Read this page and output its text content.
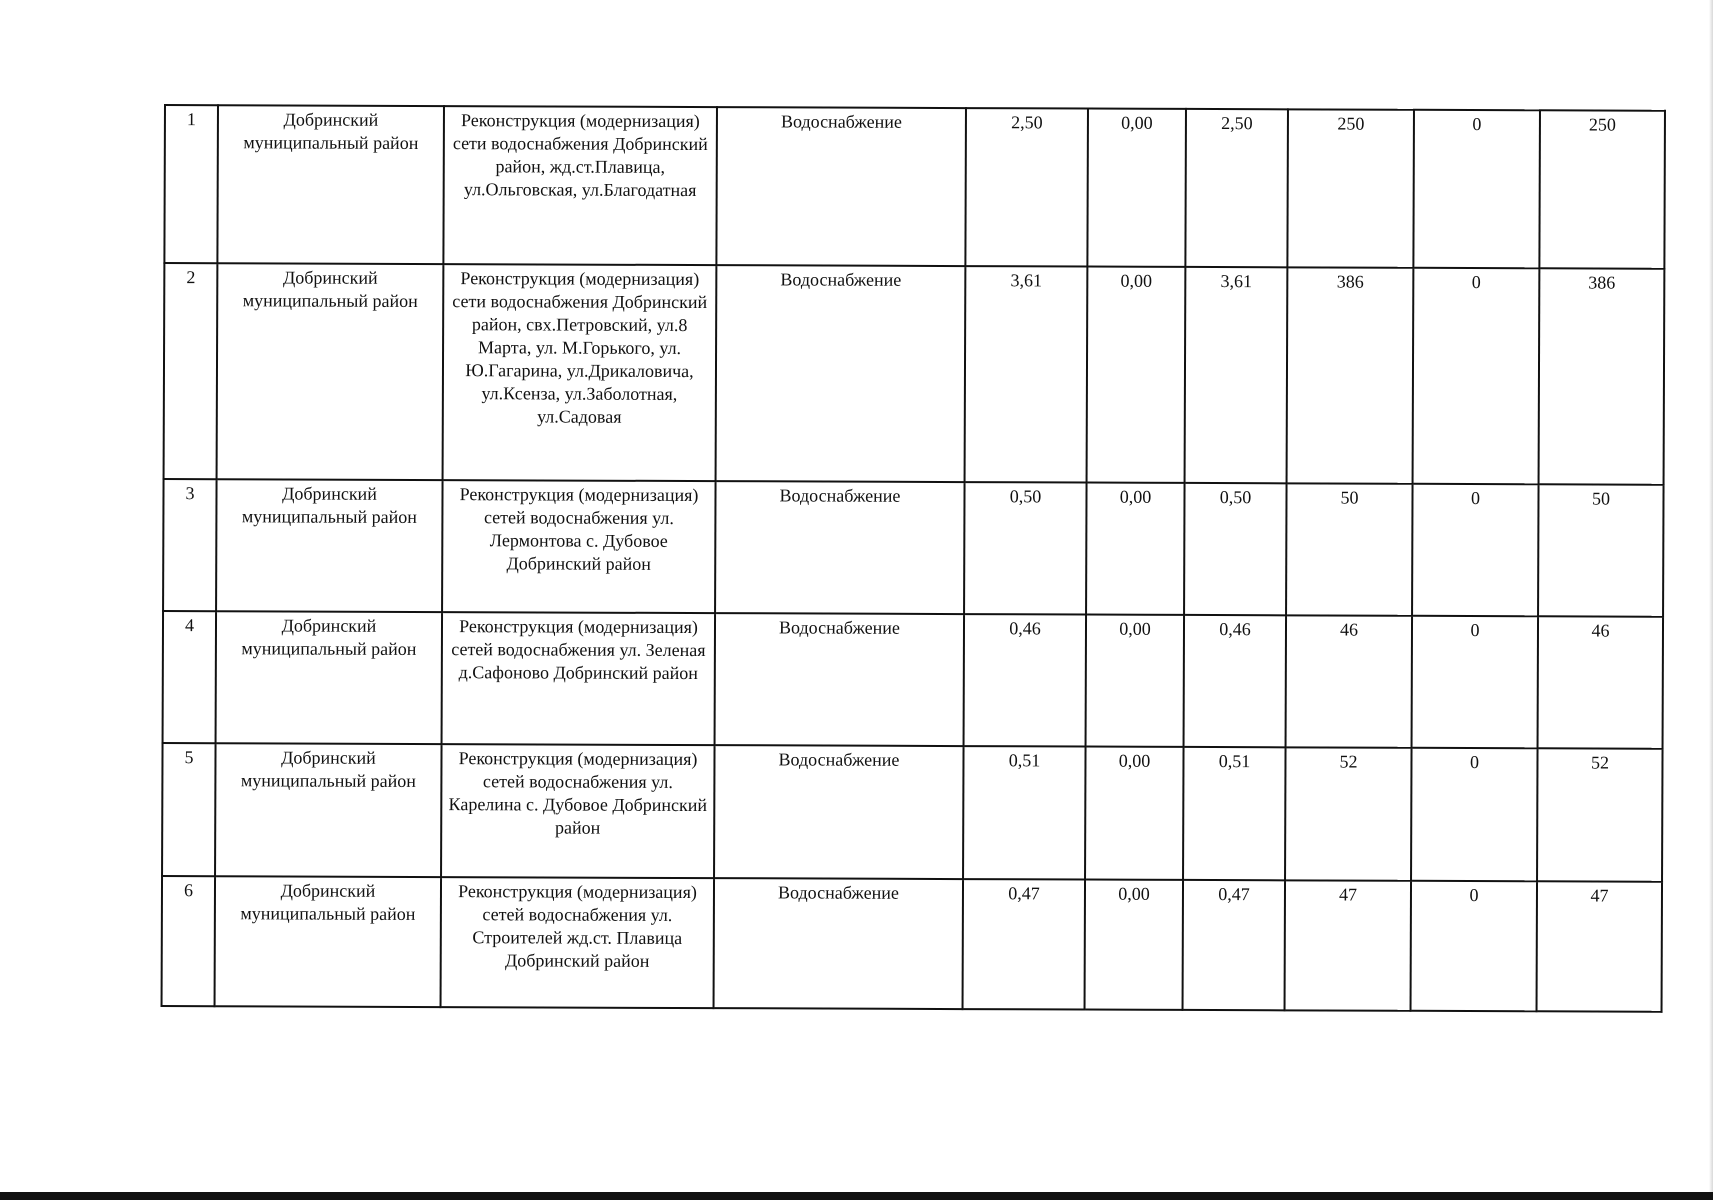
1	Добринский муниципальный район	Реконструкция (модернизация) сети водоснабжения Добринский район, жд.ст.Плавица, ул.Ольговская, ул.Благодатная	Водоснабжение	2,50	0,00	2,50	250	0	250
2	Добринский муниципальный район	Реконструкция (модернизация) сети водоснабжения Добринский район, свх.Петровский, ул.8 Марта, ул. М.Горького, ул. Ю.Гагарина, ул.Дрикаловича, ул.Ксенза, ул.Заболотная, ул.Садовая	Водоснабжение	3,61	0,00	3,61	386	0	386
3	Добринский муниципальный район	Реконструкция (модернизация) сетей водоснабжения ул. Лермонтова с. Дубовое Добринский район	Водоснабжение	0,50	0,00	0,50	50	0	50
4	Добринский муниципальный район	Реконструкция (модернизация) сетей водоснабжения ул. Зеленая д.Сафоново Добринский район	Водоснабжение	0,46	0,00	0,46	46	0	46
5	Добринский муниципальный район	Реконструкция (модернизация) сетей водоснабжения ул. Карелина с. Дубовое Добринский район	Водоснабжение	0,51	0,00	0,51	52	0	52
6	Добринский муниципальный район	Реконструкция (модернизация) сетей водоснабжения ул. Строителей жд.ст. Плавица Добринский район	Водоснабжение	0,47	0,00	0,47	47	0	47
